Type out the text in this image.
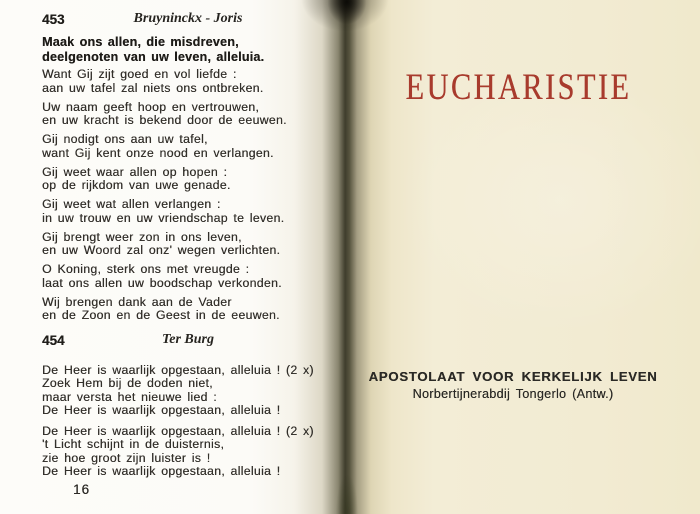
453	Bruyninckx - Joris
Maak ons allen, die misdreven,
deelgenoten van uw leven, alleluia.

Want Gij zijt goed en vol liefde :
aan uw tafel zal niets ons ontbreken.

Uw naam geeft hoop en vertrouwen,
en uw kracht is bekend door de eeuwen.

Gij nodigt ons aan uw tafel,
want Gij kent onze nood en verlangen.

Gij weet waar allen op hopen :
op de rijkdom van uwe genade.

Gij weet wat allen verlangen :
in uw trouw en uw vriendschap te leven.

Gij brengt weer zon in ons leven,
en uw Woord zal onz' wegen verlichten.

O Koning, sterk ons met vreugde :
laat ons allen uw boodschap verkonden.

Wij brengen dank aan de Vader
en de Zoon en de Geest in de eeuwen.

454	Ter Burg

De Heer is waarlijk opgestaan, alleluia ! (2 x)
Zoek Hem bij de doden niet,
maar versta het nieuwe lied :
De Heer is waarlijk opgestaan, alleluia !

De Heer is waarlijk opgestaan, alleluia ! (2 x)
't Licht schijnt in de duisternis,
zie hoe groot zijn luister is !
De Heer is waarlijk opgestaan, alleluia !

16
EUCHARISTIE
APOSTOLAAT VOOR KERKELIJK LEVEN
Norbertijnerabdij Tongerlo (Antw.)
